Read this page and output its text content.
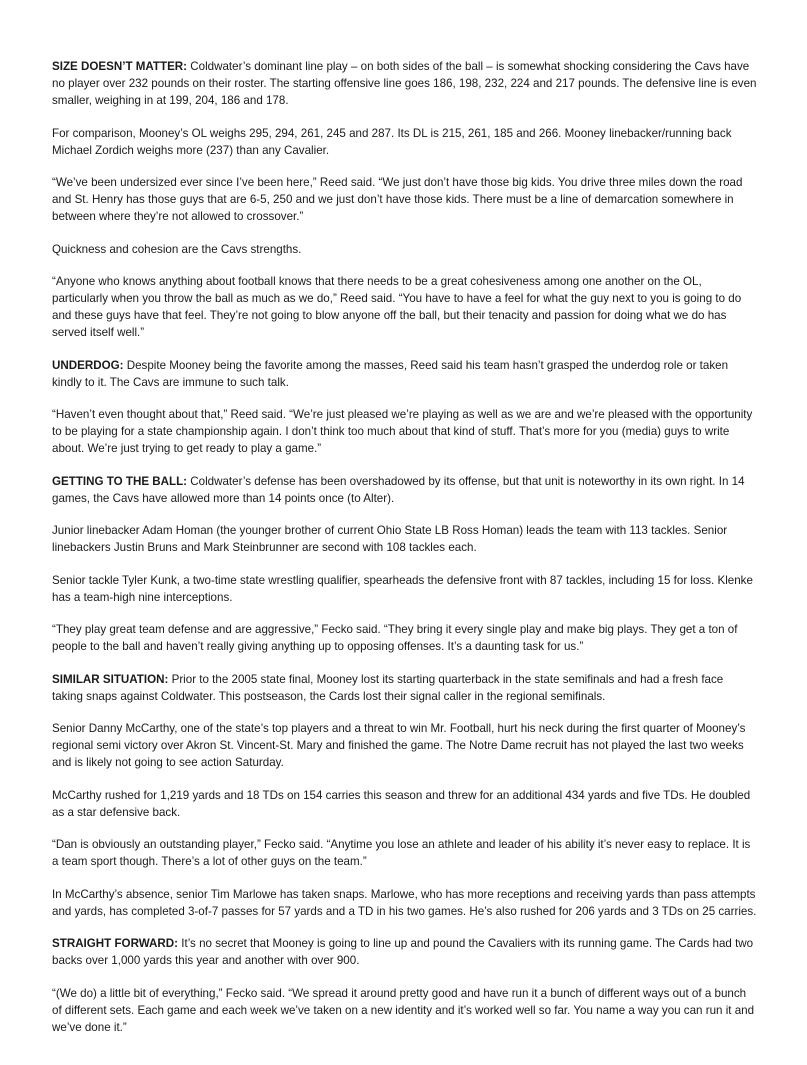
SIZE DOESN’T MATTER: Coldwater’s dominant line play – on both sides of the ball – is somewhat shocking considering the Cavs have no player over 232 pounds on their roster. The starting offensive line goes 186, 198, 232, 224 and 217 pounds. The defensive line is even smaller, weighing in at 199, 204, 186 and 178.

For comparison, Mooney’s OL weighs 295, 294, 261, 245 and 287. Its DL is 215, 261, 185 and 266. Mooney linebacker/running back Michael Zordich weighs more (237) than any Cavalier.

“We’ve been undersized ever since I’ve been here,” Reed said. “We just don’t have those big kids. You drive three miles down the road and St. Henry has those guys that are 6-5, 250 and we just don’t have those kids. There must be a line of demarcation somewhere in between where they’re not allowed to crossover.”

Quickness and cohesion are the Cavs strengths.

“Anyone who knows anything about football knows that there needs to be a great cohesiveness among one another on the OL, particularly when you throw the ball as much as we do,” Reed said. “You have to have a feel for what the guy next to you is going to do and these guys have that feel. They’re not going to blow anyone off the ball, but their tenacity and passion for doing what we do has served itself well.”

UNDERDOG: Despite Mooney being the favorite among the masses, Reed said his team hasn’t grasped the underdog role or taken kindly to it. The Cavs are immune to such talk.

“Haven’t even thought about that,” Reed said. “We’re just pleased we’re playing as well as we are and we’re pleased with the opportunity to be playing for a state championship again. I don’t think too much about that kind of stuff. That’s more for you (media) guys to write about. We’re just trying to get ready to play a game.”

GETTING TO THE BALL: Coldwater’s defense has been overshadowed by its offense, but that unit is noteworthy in its own right. In 14 games, the Cavs have allowed more than 14 points once (to Alter).

Junior linebacker Adam Homan (the younger brother of current Ohio State LB Ross Homan) leads the team with 113 tackles. Senior linebackers Justin Bruns and Mark Steinbrunner are second with 108 tackles each.

Senior tackle Tyler Kunk, a two-time state wrestling qualifier, spearheads the defensive front with 87 tackles, including 15 for loss. Klenke has a team-high nine interceptions.

“They play great team defense and are aggressive,” Fecko said. “They bring it every single play and make big plays. They get a ton of people to the ball and haven’t really giving anything up to opposing offenses. It’s a daunting task for us.”

SIMILAR SITUATION: Prior to the 2005 state final, Mooney lost its starting quarterback in the state semifinals and had a fresh face taking snaps against Coldwater. This postseason, the Cards lost their signal caller in the regional semifinals.

Senior Danny McCarthy, one of the state’s top players and a threat to win Mr. Football, hurt his neck during the first quarter of Mooney’s regional semi victory over Akron St. Vincent-St. Mary and finished the game. The Notre Dame recruit has not played the last two weeks and is likely not going to see action Saturday.

McCarthy rushed for 1,219 yards and 18 TDs on 154 carries this season and threw for an additional 434 yards and five TDs. He doubled as a star defensive back.

“Dan is obviously an outstanding player,” Fecko said. “Anytime you lose an athlete and leader of his ability it’s never easy to replace. It is a team sport though. There’s a lot of other guys on the team.”

In McCarthy’s absence, senior Tim Marlowe has taken snaps. Marlowe, who has more receptions and receiving yards than pass attempts and yards, has completed 3-of-7 passes for 57 yards and a TD in his two games. He’s also rushed for 206 yards and 3 TDs on 25 carries.

STRAIGHT FORWARD: It’s no secret that Mooney is going to line up and pound the Cavaliers with its running game. The Cards had two backs over 1,000 yards this year and another with over 900.

“(We do) a little bit of everything,” Fecko said. “We spread it around pretty good and have run it a bunch of different ways out of a bunch of different sets. Each game and each week we’ve taken on a new identity and it’s worked well so far. You name a way you can run it and we’ve done it.”
